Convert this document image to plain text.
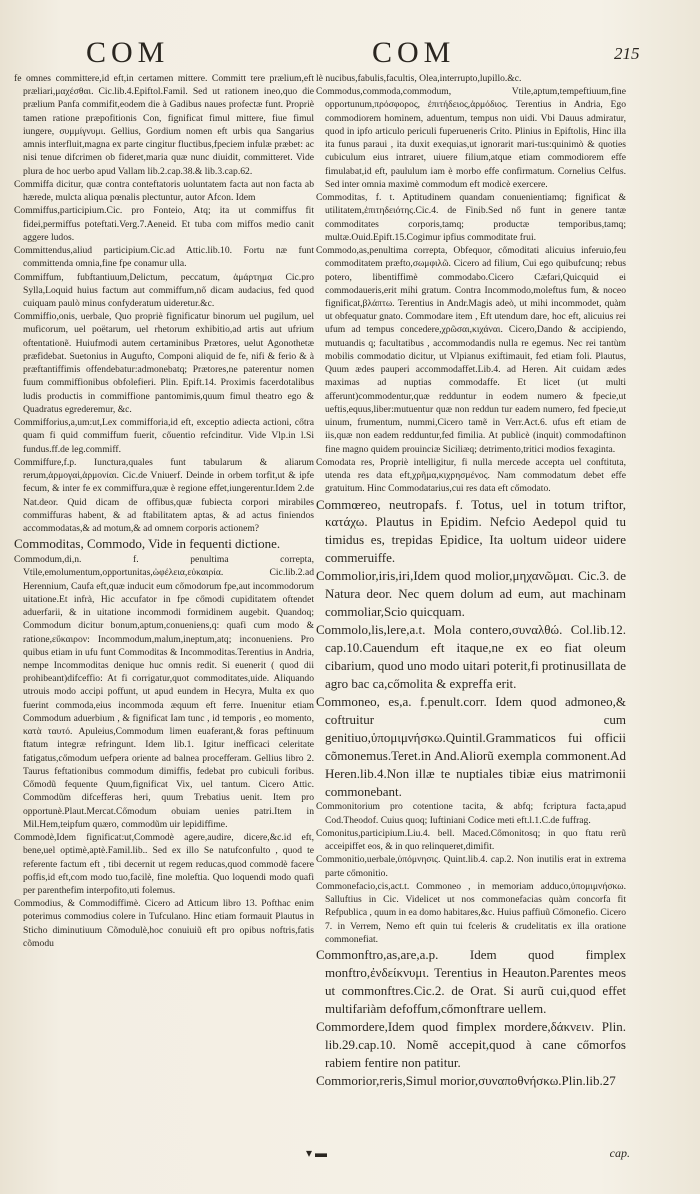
COM	COM	215

fe omnes committere,id eft,in certamen mittere. Committ tere prælium,eft præliari,μαχέσθαι. Cic.lib.4.Epiftol.Famil. Sed ut rationem ineo,quo die prælium Panfa commifit,eodem die à Gadibus naues profectæ funt. Propriè tamen ratione præpofitionis Con, fignificat fimul mittere, fiue fimul iungere, συμμίγνυμι. Gellius, Gordium nomen eft urbis qua Sangarius amnis interfluit,magna ex parte cingitur fluctibus,fpeciem infulæ præbet: ac nisi tenue difcrimen ob fideret,maria quæ nunc diuidit, committeret. Vide plura de hoc uerbo apud Vallam lib.2.cap.38.& lib.3.cap.62.

Commiffa dicitur, quæ contra conteftatoris uoluntatem facta aut non facta ab hærede, mulcta aliqua pœnalis plectuntur, autor Afcon. Idem

Commiffus,participium.Cic. pro Fonteio, Atq; ita ut commiffus fit fidei,permiffus poteftati.Verg.7.Aeneid. Et tuba com miffos medio canit aggere ludos.

Committendus,aliud participium.Cic.ad Attic.lib.10. Fortu næ funt committenda omnia,fine fpe conamur ulla.

Commiffum, fubftantiuum,Delictum, peccatum, ἁμάρτημα Cic.pro Sylla,Loquid huius factum aut commiffum,nő dicam audacius, fed quod cuiquam paulò minus confyderatum uideretur.&c.

Commiffio,onis, uerbale, Quo propriè fignificatur binorum uel pugilum, uel muficorum, uel poëtarum, uel rhetorum exhibitio,ad artis aut ufrium oftentationẽ. Huiufmodi autem certaminibus Prætores, uelut Agonothetæ præfidebat. Suetonius in Augufto, Componi aliquid de fe, nifi & ferio & à præftantiffimis offendebatur:admonebatq; Prætores,ne paterentur nomen fuum commiffionibus obfolefieri. Plin. Epift.14. Proximis facerdotalibus ludis productis in commiffione pantomimis,quum fimul theatro ego & Quadratus egrederemur, &c.

Commifforius,a,um:ut,Lex commifforia,id eft, exceptio adiecta actioni, cőtra quam fi quid commiffum fuerit, cőuentio refcinditur. Vide Vlp.in l.Si fundus.ff.de leg.commiff.

Commiffure,f.p. Iunctura,quales funt tabularum & aliarum rerum,ἁρμογαὶ,ἁρμονίαι. Cic.de Vniuerf. Deinde in orbem torfit,ut & ipfe fecum, & inter fe ex commiffura,quæ è regione effet,iungerentur.Idem 2.de Nat.deor. Quid dicam de offibus,quæ fubiecta corpori mirabiles commiffuras habent, & ad ftabilitatem aptas, & ad actus finiendos accommodatas,& ad motum,& ad omnem corporis actionem?

Commoditas, Commodo, Vide in fequenti dictione.

Commodum,di,n. f. penultima correpta, Vtile,emolumentum,opportunitas,ὠφέλεια,εὐκαιρία. Cic.lib.2.ad Herennium, Caufa eft,quæ inducit eum cőmodorum fpe,aut incommodorum uitatione.Et infrà, Hic accufator in fpe cőmodi cupiditatem oftendet aduerfarii, & in uitatione incommodi formidinem augebit. Quandoq; Commodum dicitur bonum,aptum,conueniens,q: quafi cum modo & ratione,εὔκαιρον: Incommodum,malum,ineptum,atq; inconueniens. Pro quibus etiam in ufu funt Commoditas & Incommoditas.Terentius in Andria, nempe Incommoditas denique huc omnis redit. Si euenerit ( quod dii prohibeant)difceffio: At fi corrigatur,quot commoditates,uide. Aliquando utrouis modo accipi poffunt, ut apud eundem in Hecyra, Multa ex quo fuerint commoda,eius incommoda æquum eft ferre. Inuenitur etiam Commodum aduerbium , & fignificat Iam tunc , id temporis , eo momento, κατὰ ταυτό. Apuleius,Commodum limen euaferant,& foras peftinuum ftatum integræ refringunt. Idem lib.1. Igitur inefficaci celeritate fatigatus,cőmodum uefpera oriente ad balnea procefferam. Gellius libro 2. Taurus feftationibus commodum dimiffis, fedebat pro cubiculi foribus. Cőmodũ fequente Quum,fignificat Vix, uel tantum. Cicero Attic. Commodũm difcefferas heri, quum Trebatius uenit. Item pro opportunè.Plaut.Mercat.Cőmodum obuiam uenies patri.Item in Mil.Hem,teipfum quæro, commodũm uir lepidiffime.

Commodè,Idem fignificat:ut,Commodè agere,audire, dicere,&c.id eft, bene,uel optimè,aptè.Famil.lib.. Sed ex illo Se natufconfulto , quod te referente factum eft , tibi decernit ut regem reducas,quod commodè facere poffis,id eft,com modo tuo,facilè, fine moleftia. Quo loquendi modo quafi per parenthefim interpofito,uti folemus.

Commodius, & Commodiffimè. Cicero ad Atticum libro 13. Pofthac enim poterimus commodius colere in Tufculano. Hinc etiam formauit Plautus in Sticho diminutiuum Cõmodulè,hoc conuiuiũ eft pro opibus noftris,fatis cõmodu

lè nucibus,fabulis,facultis, Olea,interrupto,lupillo.&c.

Commodus,commoda,commodum, Vtile,aptum,tempeftiuum,fine opportunum,πρόσφορος, ἐπιτήδειος,ἁρμόδιος. Terentius in Andria, Ego commodiorem hominem, aduentum, tempus non uidi. Vbi Dauus admiratur, quod in ipfo articulo periculi fuperueneris Crito. Plinius in Epiftolis, Hinc illa ita funus paraui , ita duxit exequias,ut ignorarit mari-tus:quinimò & quoties cubiculum eius intraret, uiuere filium,atque etiam commodiorem effe fimulabat,id eft, paululum iam è morbo effe confirmatum. Cornelius Celfus. Sed inter omnia maximè commodum eft modicè exercere.

Commoditas, f. t. Aptitudinem quandam conuenientiamq; fignificat & utilitatem,ἐπιτηδειότης.Cic.4. de Finib.Sed nő funt in genere tantæ commoditates corporis,tamq; productæ temporibus,tamq; multæ.Ouid.Epift.15.Cogimur ipfius commoditate frui.

Commodo,as,penultima correpta, Obfequor, cőmoditati alicuius inferuio,feu commoditatem præfto,σωμφιλῶ. Cicero ad filium, Cui ego quibufcunq; rebus potero, libentiffimè commodabo.Cicero Cæfari,Quicquid ei commodaueris,erit mihi gratum. Contra Incommodo,moleftus fum, & noceo fignificat,βλάπτω. Terentius in Andr.Magis adeò, ut mihi incommodet, quàm ut obfequatur gnato. Commodare item , Eft utendum dare, hoc eft, alicuius rei ufum ad tempus concedere,χρῶσαι,κιχάναι. Cicero,Dando & accipiendo, mutuandis q; facultatibus , accommodandis nulla re egemus. Nec rei tantùm mobilis commodatio dicitur, ut Vlpianus exiftimauit, fed etiam foli. Plautus, Quum ædes pauperi accommodaffet.Lib.4. ad Heren. Ait cuidam ædes maximas ad nuptias commodaffe. Et licet (ut multi afferunt)commodentur,quæ redduntur in eodem numero & fpecie,ut ueftis,equus,liber:mutuentur quæ non reddun tur eadem numero, fed fpecie,ut uinum, frumentum, nummi,Cicero tamẽ in Verr.Act.6. ufus eft etiam de iis,quæ non eadem redduntur,fed fimilia. At publicè (inquit) commodaftinon fine magno quidem prouinciæ Siciliæq; detrimento,tritici modios fexaginta.

Comodata res, Propriè intelligitur, fi nulla mercede accepta uel conftituta, utenda res data eft,χρῆμα,κιχρησμένος. Nam commodatum debet effe gratuitum. Hinc Commodatarius,cui res data eft cőmodato.

Commœreo, neutropafs. f. Totus, uel in totum triftor, κατάχω. Plautus in Epidim. Nefcio Aedepol quid tu timidus es, trepidas Epidice, Ita uoltum uideor uidere commeruiffe.

Commolior,iris,iri,Idem quod molior,μηχανῶμαι. Cic.3. de Natura deor. Nec quem dolum ad eum, aut machinam commoliar,Scio quicquam.

Commolo,lis,lere,a.t. Mola contero,συναλθώ. Col.lib.12. cap.10.Cauendum eft itaque,ne ex eo fiat oleum cibarium, quod uno modo uitari poterit,fi protinusillata de agro bac ca,cőmolita & expreffa erit.

Commoneo, es,a. f.penult.corr. Idem quod admoneo,& coftruitur cum genitiuo,ὑπομιμνήσκω.Quintil.Grammaticos fui officii cõmonemus.Teret.in And.Aliorũ exempla commonent.Ad Heren.lib.4.Non illæ te nuptiales tibiæ eius matrimonii commonebant.

Commonitorium pro cotentione tacita, & abfq; fcriptura facta,apud Cod.Theodof. Cuius quoq; Iuftiniani Codice meti eft.l.1.C.de fuffrag.

Comonitus,participium.Liu.4. bell. Maced.Cőmonitosq; in quo ftatu rerũ acceipiffet eos, & in quo relinqueret,dimifit.

Commonitio,uerbale,ὑπόμνησις. Quint.lib.4. cap.2. Non inutilis erat in extrema parte cőmonitio.

Commonefacio,cis,act.t. Commoneo , in memoriam adduco,ὑπομιμνήσκω. Salluftius in Cic. Videlicet ut nos commonefacias quàm concorfa fit Refpublica , quum in ea domo habitares,&c. Huius paffiuũ Cőmonefio. Cicero 7. in Verrem, Nemo eft quin tui fceleris & crudelitatis ex illa oratione commonefiat.

Commonftro,as,are,a.p. Idem quod fimplex monftro,ἐνδείκνυμι. Terentius in Heauton.Parentes meos ut commonftres.Cic.2. de Orat. Si aurũ cui,quod effet multifariàm defoffum,cőmonftrare uellem.

Commordere,Idem quod fimplex mordere,δάκνειν. Plin. lib.29.cap.10. Nomẽ accepit,quod à cane cőmorfos rabiem fentire non patitur.

Commorior,reris,Simul morior,συναποθνήσκω.Plin.lib.27

▾ ▬	cap.
